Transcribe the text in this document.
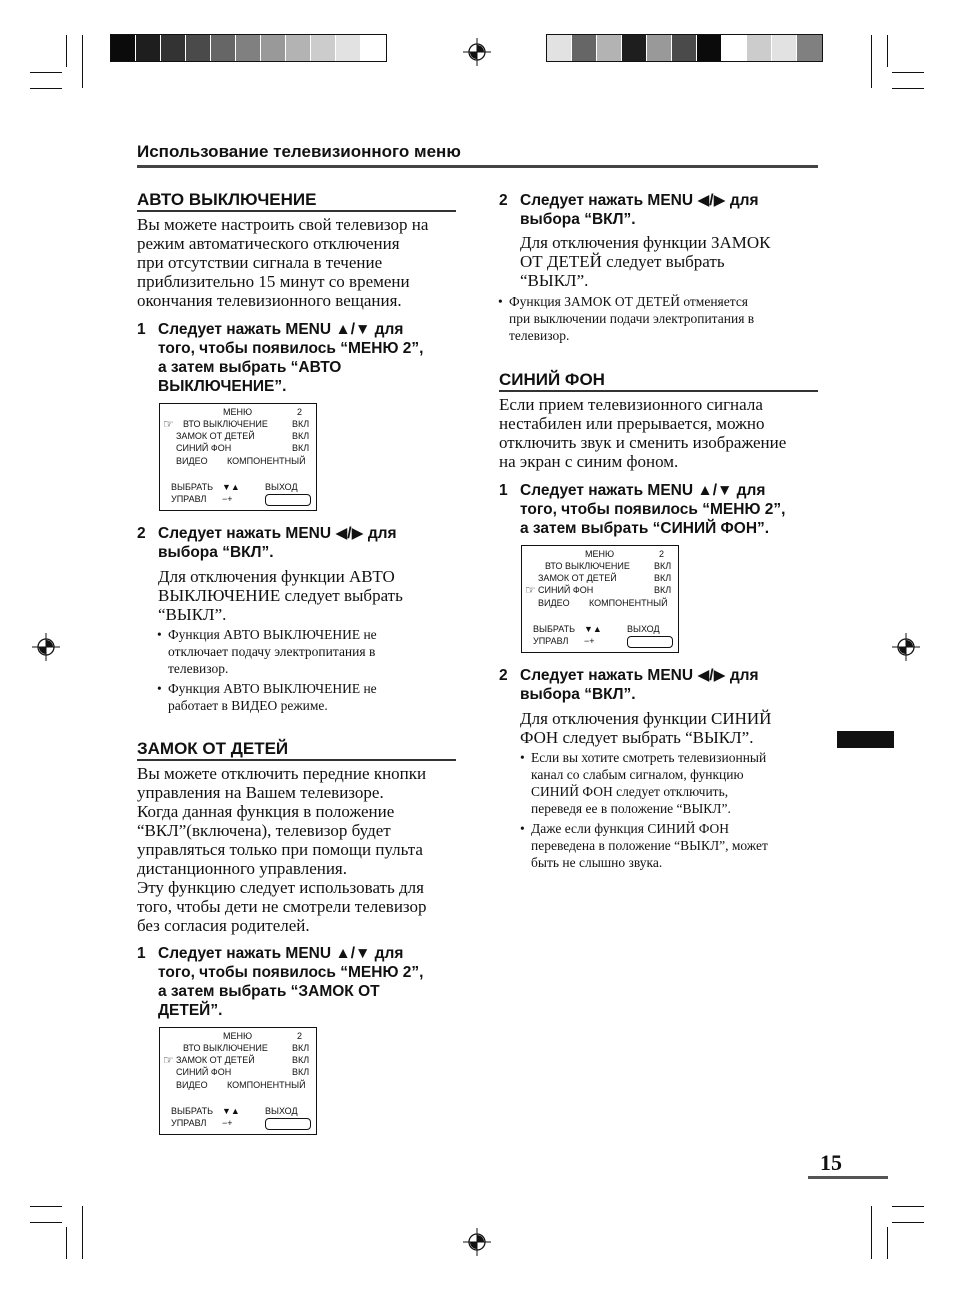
Использование телевизионного меню
АВТО ВЫКЛЮЧЕНИЕ
Вы можете настроить свой телевизор на
режим автоматического отключения
при отсутствии сигнала в течение
приблизительно 15 минут со времени
окончания телевизионного вещания.
1 Следует нажать MENU ▲/▼ для
того, чтобы появилось “МЕНЮ 2”,
а затем выбрать “АВТО
ВЫКЛЮЧЕНИЕ”.
МЕНЮ	2
☞ ВТО ВЫКЛЮЧЕНИЕ	ВКЛ
ЗАМОК ОТ ДЕТЕЙ	ВКЛ
СИНИЙ ФОН	ВКЛ
ВИДЕО КОМПОНЕНТНЫЙ
ВЫБРАТЬ ▼▲	ВЫХОД
УПРАВЛ −+
2 Следует нажать MENU ◀/▶ для
выбора “ВКЛ”.
Для отключения функции АВТО
ВЫКЛЮЧЕНИЕ следует выбрать
“ВЫКЛ”.
• Функция АВТО ВЫКЛЮЧЕНИЕ не
отключает подачу электропитания в
телевизор.
• Функция АВТО ВЫКЛЮЧЕНИЕ не
работает в ВИДЕО режиме.
ЗАМОК ОТ ДЕТЕЙ
Вы можете отключить передние кнопки
управления на Вашем телевизоре.
Когда данная функция в положение
“ВКЛ”(включена), телевизор будет
управляться только при помощи пульта
дистанционного управления.
Эту функцию следует использовать для
того, чтобы дети не смотрели телевизор
без согласия родителей.
1 Следует нажать MENU ▲/▼ для
того, чтобы появилось “МЕНЮ 2”,
а затем выбрать “ЗАМОК ОТ
ДЕТЕЙ”.
МЕНЮ	2
ВТО ВЫКЛЮЧЕНИЕ	ВКЛ
☞ ЗАМОК ОТ ДЕТЕЙ	ВКЛ
СИНИЙ ФОН	ВКЛ
ВИДЕО КОМПОНЕНТНЫЙ
ВЫБРАТЬ ▼▲	ВЫХОД
УПРАВЛ −+
2 Следует нажать MENU ◀/▶ для
выбора “ВКЛ”.
Для отключения функции ЗАМОК
ОТ ДЕТЕЙ следует выбрать
“ВЫКЛ”.
• Функция ЗАМОК ОТ ДЕТЕЙ отменяется
при выключении подачи электропитания в
телевизор.
СИНИЙ ФОН
Если прием телевизионного сигнала
нестабилен или прерывается, можно
отключить звук и сменить изображение
на экран с синим фоном.
1 Следует нажать MENU ▲/▼ для
того, чтобы появилось “МЕНЮ 2”,
а затем выбрать “СИНИЙ ФОН”.
МЕНЮ	2
ВТО ВЫКЛЮЧЕНИЕ	ВКЛ
ЗАМОК ОТ ДЕТЕЙ	ВКЛ
☞ СИНИЙ ФОН	ВКЛ
ВИДЕО КОМПОНЕНТНЫЙ
ВЫБРАТЬ ▼▲	ВЫХОД
УПРАВЛ −+
2 Следует нажать MENU ◀/▶ для
выбора “ВКЛ”.
Для отключения функции СИНИЙ
ФОН следует выбрать “ВЫКЛ”.
• Если вы хотите смотреть телевизионный
канал со слабым сигналом, функцию
СИНИЙ ФОН следует отключить,
переведя ее в положение “ВЫКЛ”.
• Даже если функция СИНИЙ ФОН
переведена в положение “ВЫКЛ”, может
быть не слышно звука.
15
